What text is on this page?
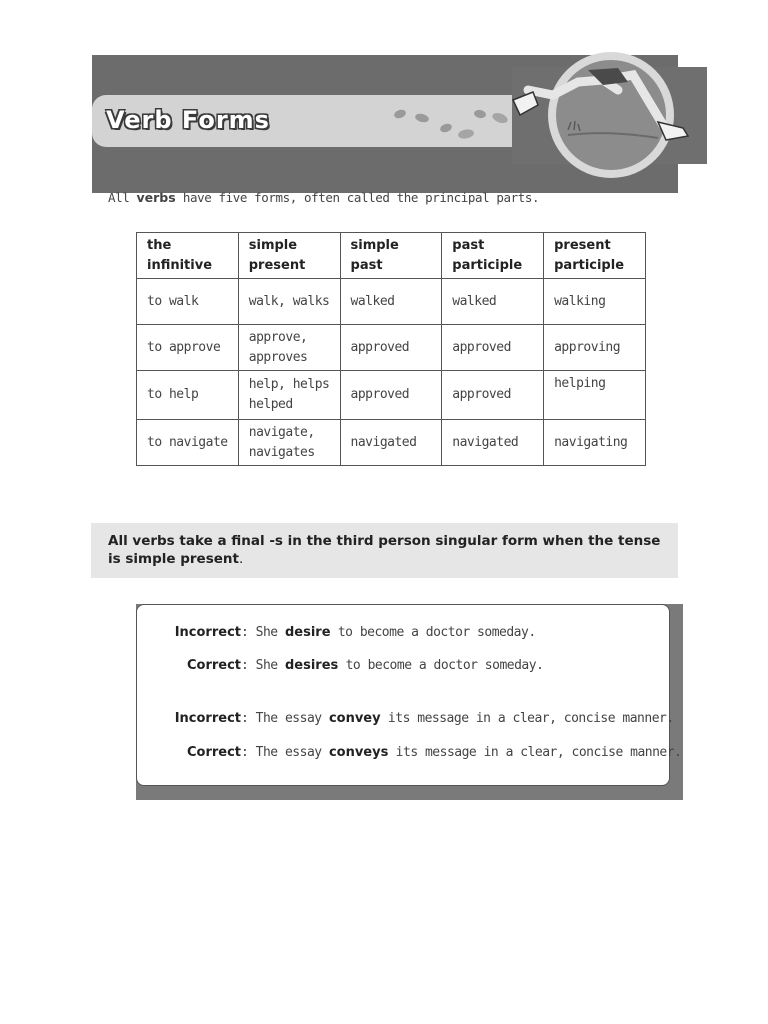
Verb Forms
All verbs have five forms, often called the principal parts.
the infinitive	simple present	simple past	past participle	present participle
to walk	walk, walks	walked	walked	walking
to approve	approve, approves	approved	approved	approving
to help	help, helps helped	approved	approved	helping
to navigate	navigate, navigates	navigated	navigated	navigating
All verbs take a final -s in the third person singular form when the tense is simple present.
Incorrect: She desire to become a doctor someday.
Correct: She desires to become a doctor someday.
Incorrect: The essay convey its message in a clear, concise manner.
Correct: The essay conveys its message in a clear, concise manner.
